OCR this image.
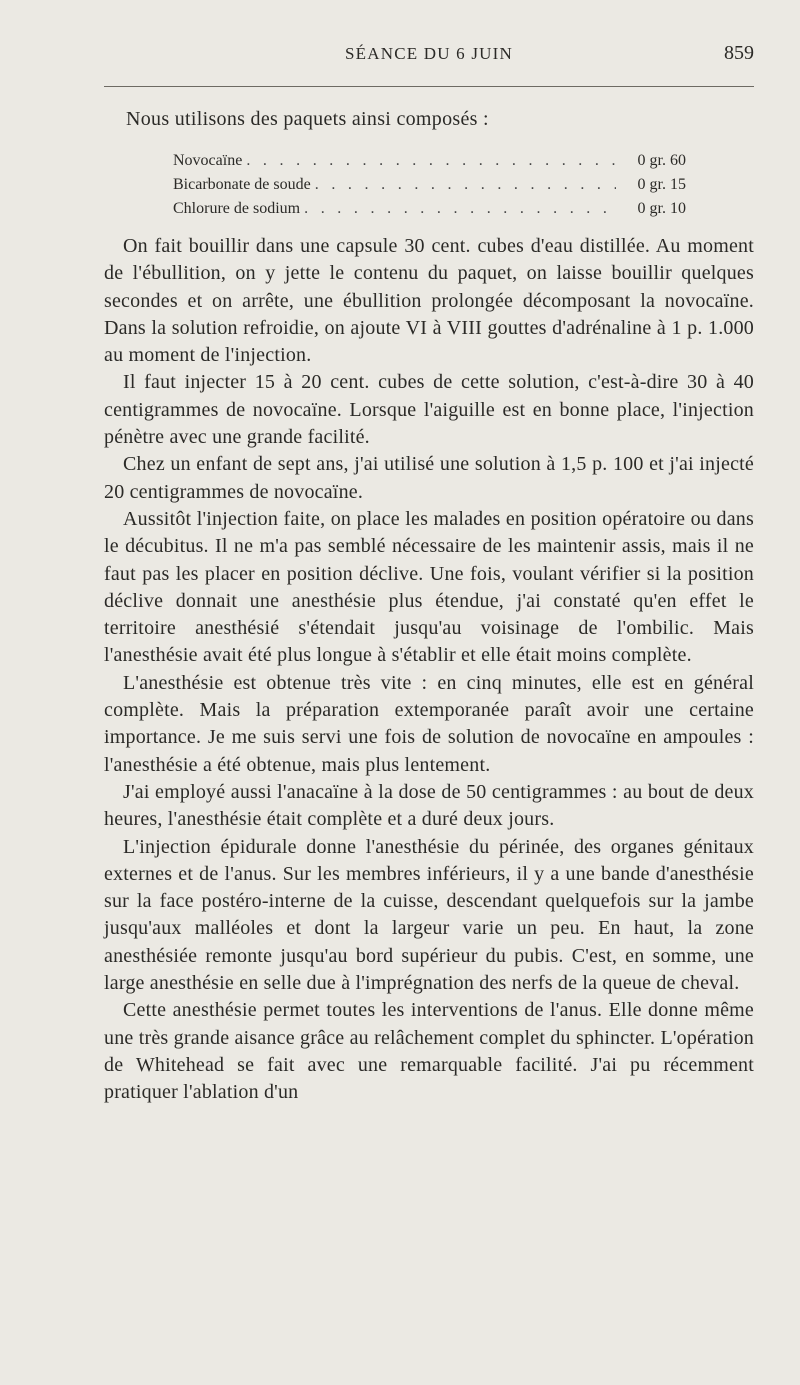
SÉANCE DU 6 JUIN	859
Nous utilisons des paquets ainsi composés :
Novocaïne . . .	0 gr. 60
Bicarbonate de soude . . .	0 gr. 15
Chlorure de sodium . . .	0 gr. 10

On fait bouillir dans une capsule 30 cent. cubes d'eau distillée. Au moment de l'ébullition, on y jette le contenu du paquet, on laisse bouillir quelques secondes et on arrête, une ébullition prolongée décomposant la novocaïne. Dans la solution refroidie, on ajoute VI à VIII gouttes d'adrénaline à 1 p. 1.000 au moment de l'injection.

Il faut injecter 15 à 20 cent. cubes de cette solution, c'est-à-dire 30 à 40 centigrammes de novocaïne. Lorsque l'aiguille est en bonne place, l'injection pénètre avec une grande facilité.

Chez un enfant de sept ans, j'ai utilisé une solution à 1,5 p. 100 et j'ai injecté 20 centigrammes de novocaïne.

Aussitôt l'injection faite, on place les malades en position opératoire ou dans le décubitus. Il ne m'a pas semblé nécessaire de les maintenir assis, mais il ne faut pas les placer en position déclive. Une fois, voulant vérifier si la position déclive donnait une anesthésie plus étendue, j'ai constaté qu'en effet le territoire anesthésié s'étendait jusqu'au voisinage de l'ombilic. Mais l'anesthésie avait été plus longue à s'établir et elle était moins complète.

L'anesthésie est obtenue très vite : en cinq minutes, elle est en général complète. Mais la préparation extemporanée paraît avoir une certaine importance. Je me suis servi une fois de solution de novocaïne en ampoules : l'anesthésie a été obtenue, mais plus lentement.

J'ai employé aussi l'anacaïne à la dose de 50 centigrammes : au bout de deux heures, l'anesthésie était complète et a duré deux jours.

L'injection épidurale donne l'anesthésie du périnée, des organes génitaux externes et de l'anus. Sur les membres inférieurs, il y a une bande d'anesthésie sur la face postéro-interne de la cuisse, descendant quelquefois sur la jambe jusqu'aux malléoles et dont la largeur varie un peu. En haut, la zone anesthésiée remonte jusqu'au bord supérieur du pubis. C'est, en somme, une large anesthésie en selle due à l'imprégnation des nerfs de la queue de cheval.

Cette anesthésie permet toutes les interventions de l'anus. Elle donne même une très grande aisance grâce au relâchement complet du sphincter. L'opération de Whitehead se fait avec une remarquable facilité. J'ai pu récemment pratiquer l'ablation d'un
